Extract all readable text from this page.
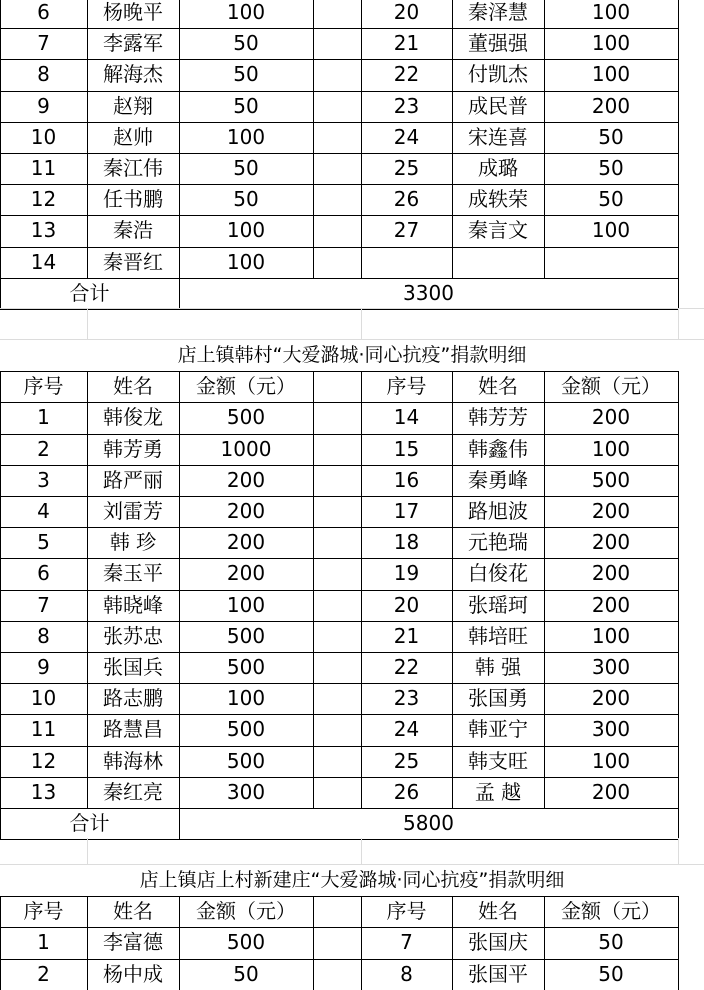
6	杨晚平	100	20	秦泽慧	100
7	李露军	50	21	董强强	100
8	解海杰	50	22	付凯杰	100
9	赵翔	50	23	成民普	200
10	赵帅	100	24	宋连喜	50
11	秦江伟	50	25	成璐	50
12	任书鹏	50	26	成轶荣	50
13	秦浩	100	27	秦言文	100
14	秦晋红	100
合计	3300
店上镇韩村“大爱潞城·同心抗疫”捐款明细
序号	姓名	金额（元）	序号	姓名	金额（元）
1	韩俊龙	500	14	韩芳芳	200
2	韩芳勇	1000	15	韩鑫伟	100
3	路严丽	200	16	秦勇峰	500
4	刘雷芳	200	17	路旭波	200
5	韩 珍	200	18	元艳瑞	200
6	秦玉平	200	19	白俊花	200
7	韩晓峰	100	20	张瑶珂	200
8	张苏忠	500	21	韩培旺	100
9	张国兵	500	22	韩 强	300
10	路志鹏	100	23	张国勇	200
11	路慧昌	500	24	韩亚宁	300
12	韩海林	500	25	韩支旺	100
13	秦红亮	300	26	孟 越	200
合计	5800
店上镇店上村新建庄“大爱潞城·同心抗疫”捐款明细
序号	姓名	金额（元）	序号	姓名	金额（元）
1	李富德	500	7	张国庆	50
2	杨中成	50	8	张国平	50
